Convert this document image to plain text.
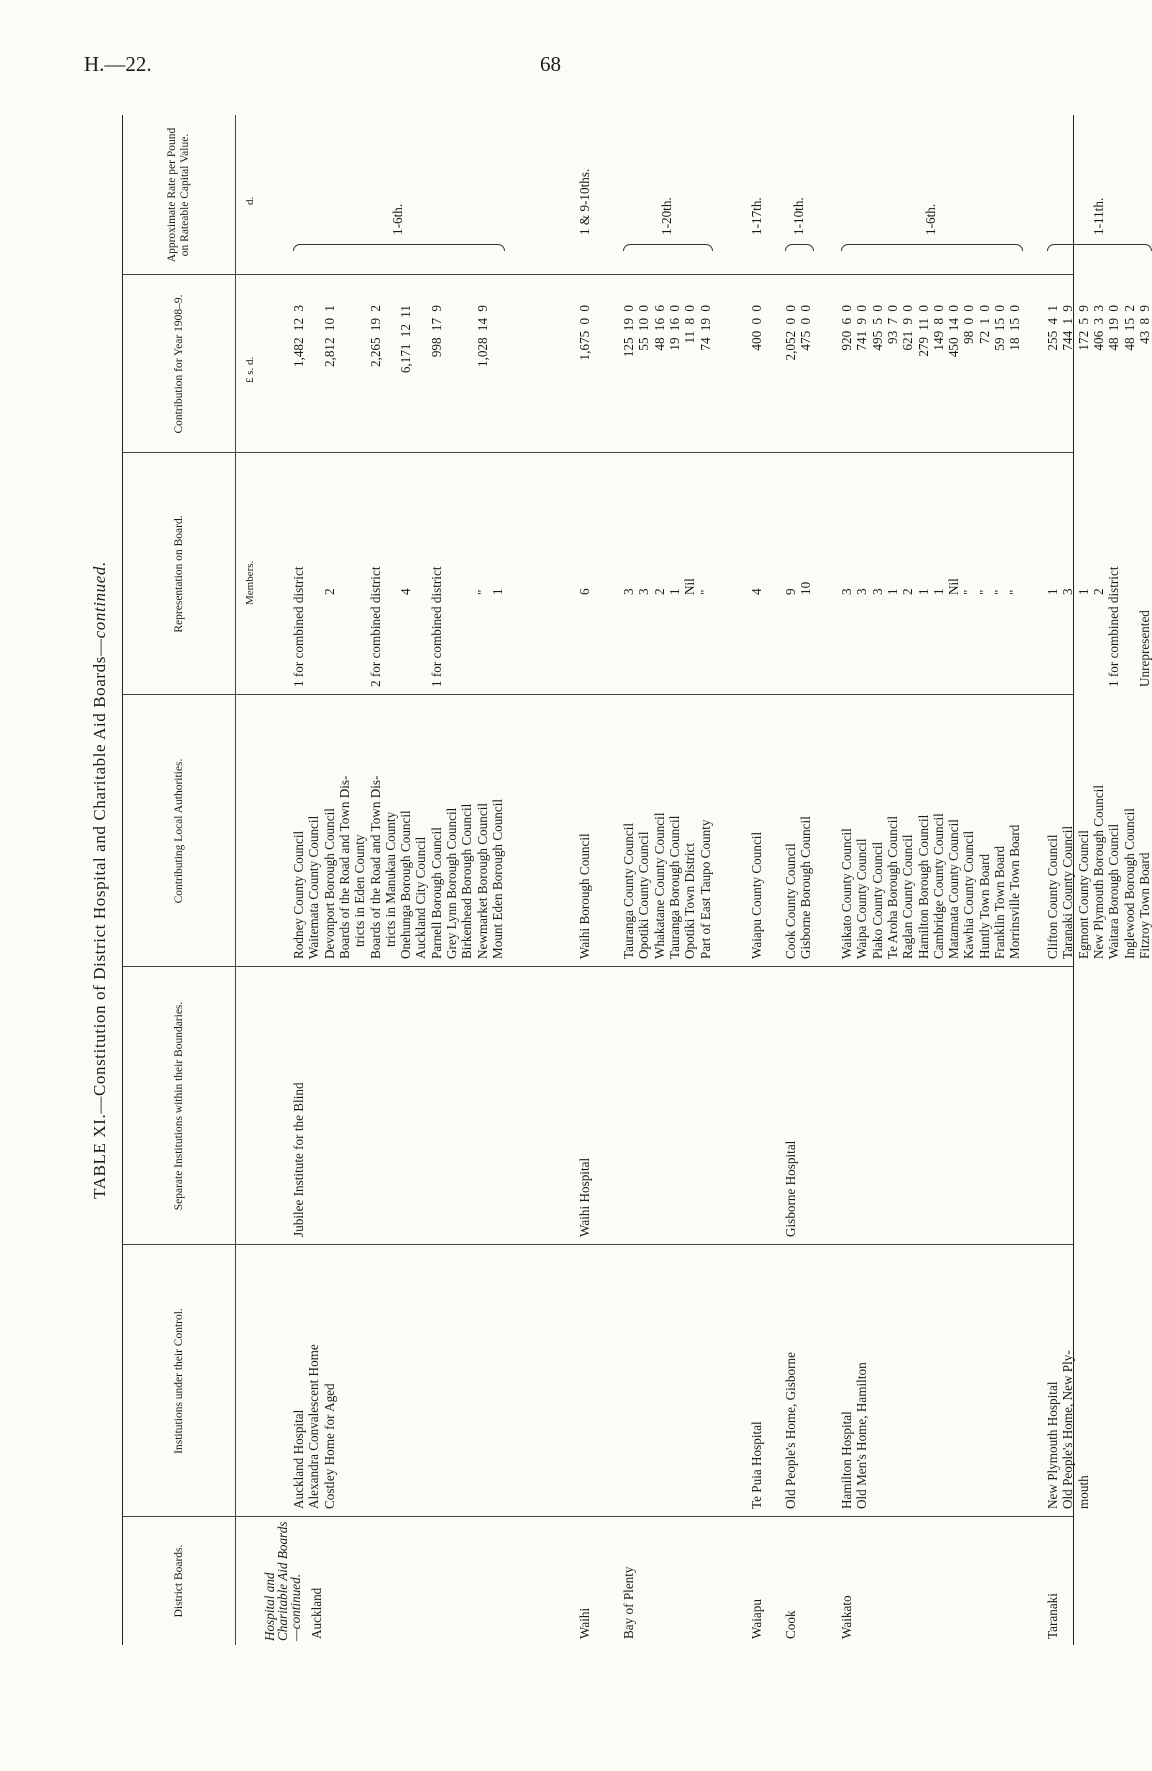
H.—22.	68
TABLE XI.—Constitution of District Hospital and Charitable Aid Boards—continued.
District Boards.
Institutions under their Control.
Separate Institutions within their Boundaries.
Contributing Local Authorities.
Representation on Board.
Contribution for Year 1908–9.
Approximate Rate per Pound on Rateable Capital Value.
Members.
£ s. d.
d.
Hospital and Charitable Aid Boards—continued. Auckland
Auckland Hospital Alexandra Convalescent Home Costley Home for Aged
Jubilee Institute for the Blind
Rodney County Council
1 for combined district
1,482 12 3
Waitemata County Council Devonport Borough Council
2
2,812 10 1
Boards of the Road and Town Dis- tricts in Eden County Boards of the Road and Town Dis-
2 for combined district
2,265 19 2
tricts in Manukau County Onehunga Borough Council
4
6,171 12 11
Auckland City Council Parnell Borough Council
1 for combined district
998 17 9
Grey Lynn Borough Council Birkenhead Borough Council Newmarket Borough Council
"
1,028 14 9
Mount Eden Borough Council
1
1-6th.
Waihi
Waihi Hospital
Waihi Borough Council
6
1,675 0 0
1 & 9-10ths.
Bay of Plenty
Tauranga County Council
3
125 19 0
Opotiki County Council
3
55 10 0
Whakatane County Council
2
48 16 6
Tauranga Borough Council
1
19 16 0
Opotiki Town District
Nil
11 8 0
Part of East Taupo County
"
74 19 0
1-20th.
Waiapu
Te Puia Hospital
Waiapu County Council
4
400 0 0
1-17th.
Cook
Old People's Home, Gisborne
Gisborne Hospital
Cook County Council
9
2,052 0 0
Gisborne Borough Council
10
475 0 0
1-10th.
Waikato
Hamilton Hospital Old Men's Home, Hamilton
Waikato County Council
3
920 6 0
Waipa County Council
3
741 9 0
Piako County Council
3
495 5 0
Te Aroha Borough Council
1
93 7 0
Raglan County Council
2
621 9 0
Hamilton Borough Council
1
279 11 0
Cambridge County Council
1
149 8 0
Matamata County Council
Nil
450 14 0
Kawhia County Council
"
98 0 0
Huntly Town Board
"
72 1 0
Franklin Town Board
"
59 15 0
Morrinsville Town Board
"
18 15 0
1-6th.
Taranaki
New Plymouth Hospital Old People's Home, New Ply- mouth
Clifton County Council
1
255 4 1
Taranaki County Council
3
744 1 9
Egmont County Council
1
172 5 9
New Plymouth Borough Council
2
406 3 3
Waitara Borough Council
1 for combined district
48 19 0
Inglewood Borough Council
48 15 2
Fitzroy Town Board
Unrepresented
43 8 9
1-11th.
